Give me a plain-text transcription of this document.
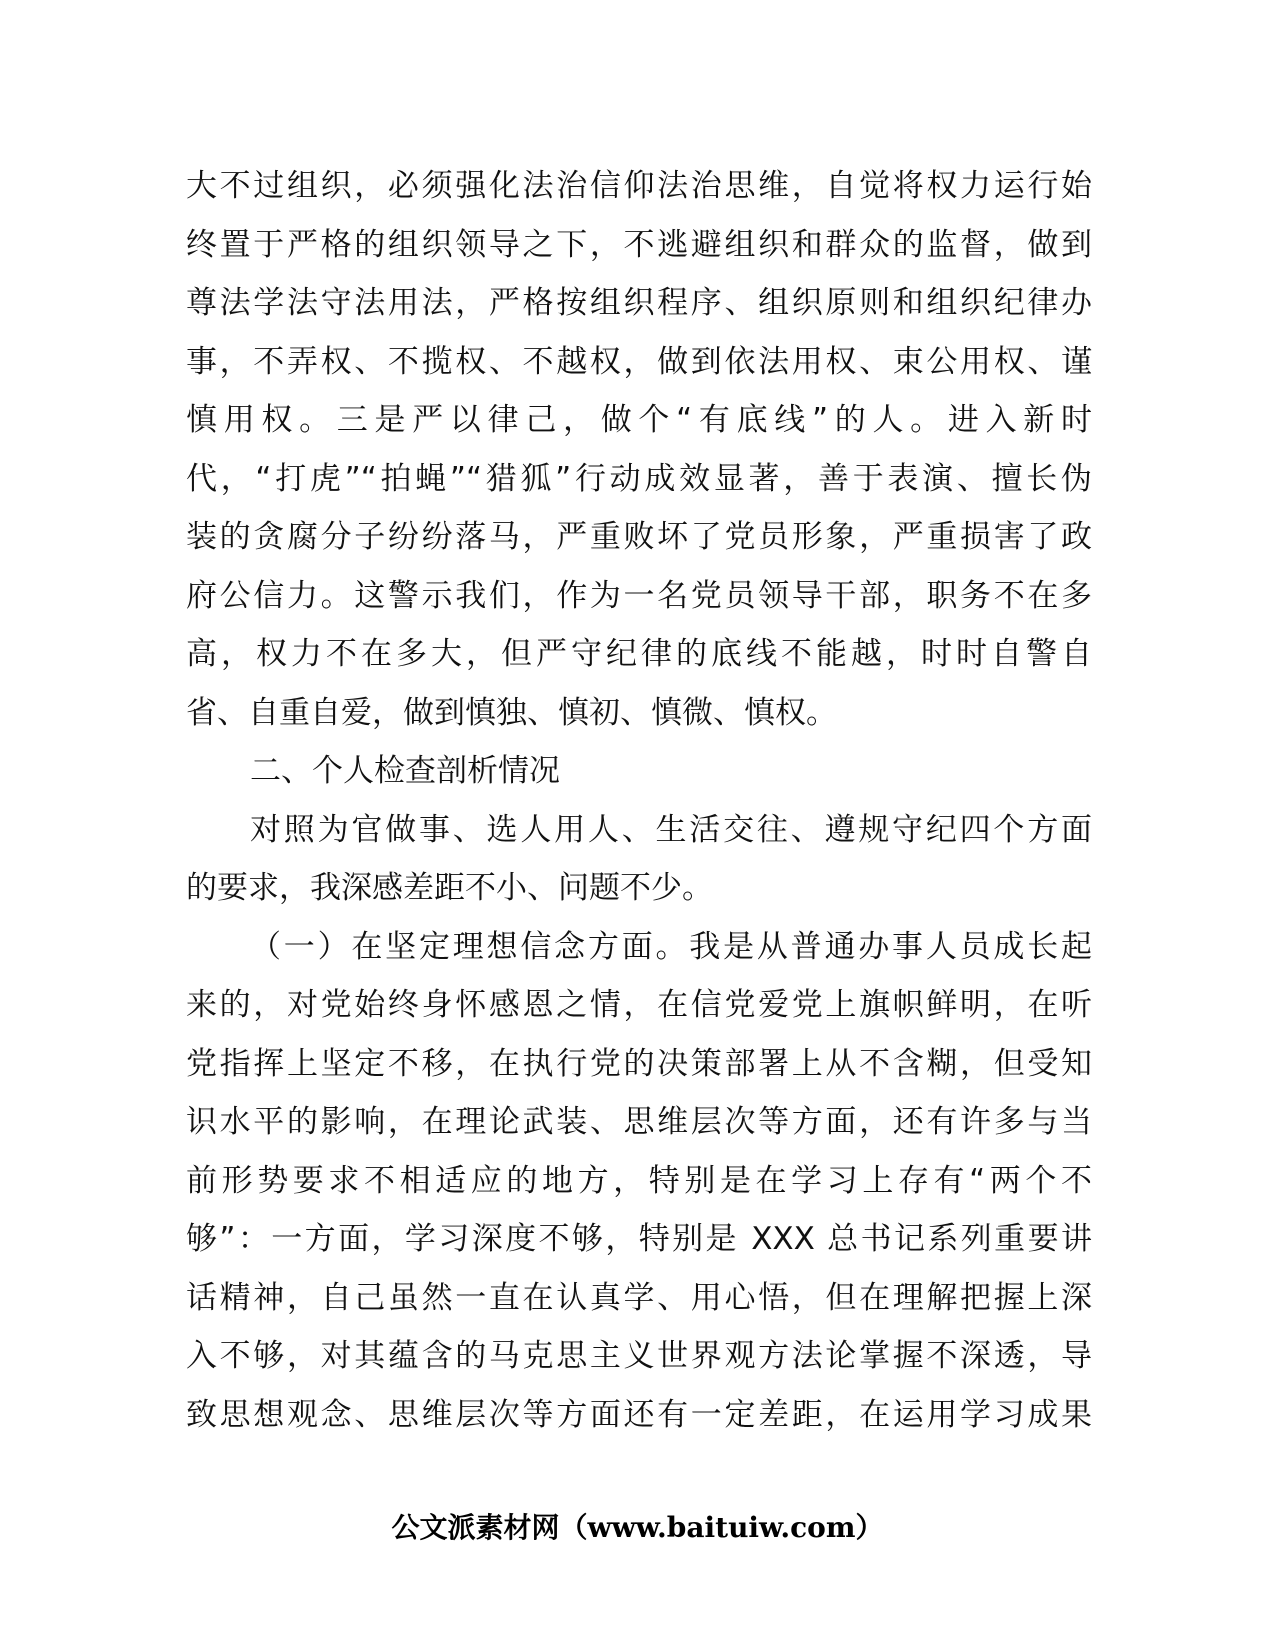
大不过组织，必须强化法治信仰法治思维，自觉将权力运行始
终置于严格的组织领导之下，不逃避组织和群众的监督，做到
尊法学法守法用法，严格按组织程序、组织原则和组织纪律办
事，不弄权、不揽权、不越权，做到依法用权、束公用权、谨
慎用权。三是严以律己，做个“有底线”的人。进入新时
代，“打虎”“拍蝇”“猎狐”行动成效显著，善于表演、擅长伪
装的贪腐分子纷纷落马，严重败坏了党员形象，严重损害了政
府公信力。这警示我们，作为一名党员领导干部，职务不在多
高，权力不在多大，但严守纪律的底线不能越，时时自警自
省、自重自爱，做到慎独、慎初、慎微、慎权。
二、个人检查剖析情况
对照为官做事、选人用人、生活交往、遵规守纪四个方面
的要求，我深感差距不小、问题不少。
（一）在坚定理想信念方面。我是从普通办事人员成长起
来的，对党始终身怀感恩之情，在信党爱党上旗帜鲜明，在听
党指挥上坚定不移，在执行党的决策部署上从不含糊，但受知
识水平的影响，在理论武装、思维层次等方面，还有许多与当
前形势要求不相适应的地方，特别是在学习上存有“两个不
够”：一方面，学习深度不够，特别是 XXX 总书记系列重要讲
话精神，自己虽然一直在认真学、用心悟，但在理解把握上深
入不够，对其蕴含的马克思主义世界观方法论掌握不深透，导
致思想观念、思维层次等方面还有一定差距，在运用学习成果
公文派素材网（www.baituiw.com）
